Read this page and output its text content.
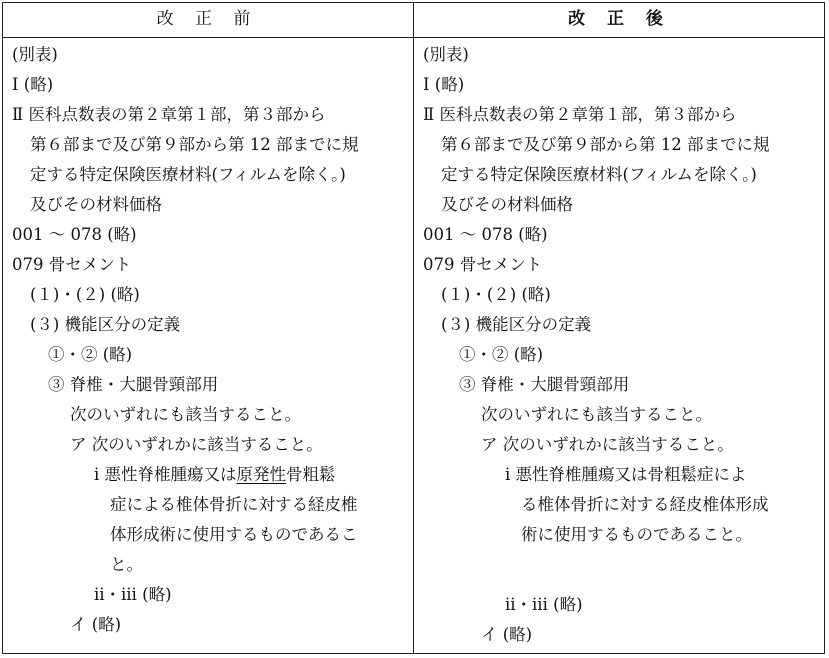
改 正 前	改 正 後
(別表)
Ⅰ (略)
Ⅱ 医科点数表の第２章第１部，第３部から
第６部まで及び第９部から第 12 部までに規
定する特定保険医療材料(フィルムを除く。)
及びその材料価格
001 ～ 078 (略)
079 骨セメント
(１)・(２) (略)
(３) 機能区分の定義
①・② (略)
③ 脊椎・大腿骨頸部用
次のいずれにも該当すること。
ア 次のいずれかに該当すること。
ⅰ 悪性脊椎腫瘍又は原発性骨粗鬆
症による椎体骨折に対する経皮椎
体形成術に使用するものであるこ
と。
ⅱ・ⅲ (略)
イ (略)
(別表)
Ⅰ (略)
Ⅱ 医科点数表の第２章第１部，第３部から
第６部まで及び第９部から第 12 部までに規
定する特定保険医療材料(フィルムを除く。)
及びその材料価格
001 ～ 078 (略)
079 骨セメント
(１)・(２) (略)
(３) 機能区分の定義
①・② (略)
③ 脊椎・大腿骨頸部用
次のいずれにも該当すること。
ア 次のいずれかに該当すること。
ⅰ 悪性脊椎腫瘍又は骨粗鬆症によ
る椎体骨折に対する経皮椎体形成
術に使用するものであること。
ⅱ・ⅲ (略)
イ (略)
